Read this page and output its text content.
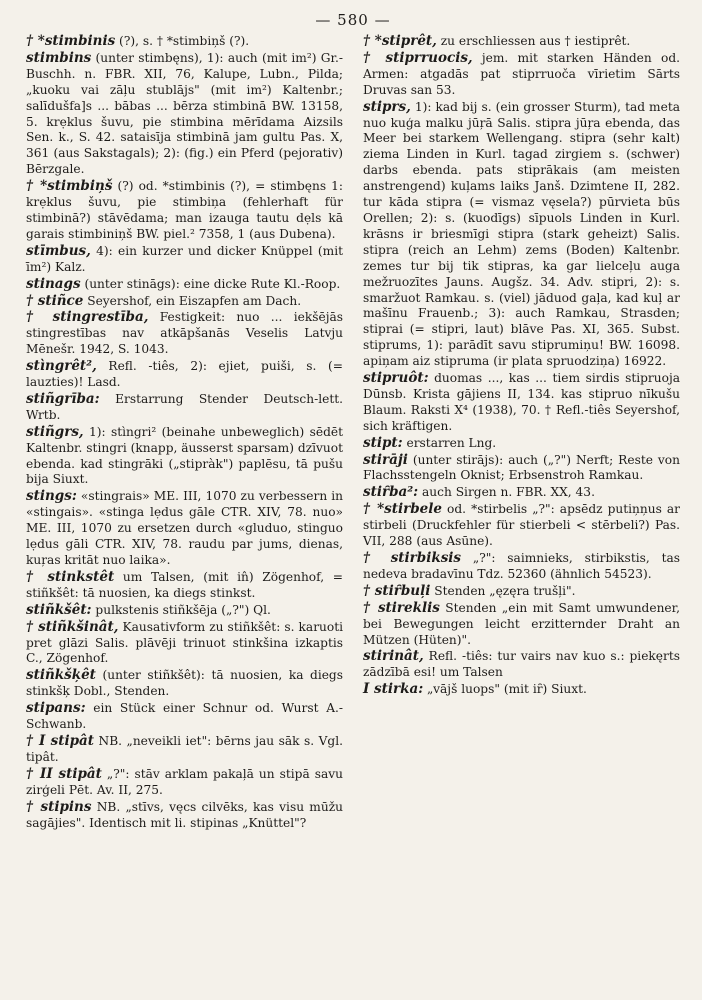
— 580 —

† *stimbinis (?), s. † *stimbiņš (?).

stimbins (unter stimbęns), 1): auch (mit im²) Gr.-Buschh. n. FBR. XII, 76, Kalupe, Lubn., Pilda; „kuoku vai zāļu stublājs" (mit im²) Kaltenbr.; salīdušfa]s ... bābas ... bērza stimbinā BW. 13158, 5. krẹklus šuvu, pie stimbina mērīdama Aizsils Sen. k., S. 42. sataisīja stimbinā jam gultu Pas. X, 361 (aus Sakstagals); 2): (fig.) ein Pferd (pejorativ) Bērzgale.

† *stimbiņš (?) od. *stimbinis (?), = stimbęns 1: krẹklus šuvu, pie stimbiņa (fehlerhaft für stimbinā?) stāvēdama; man izauga tautu dẹls kā garais stimbiniņš BW. piel.² 7358, 1 (aus Dubena).

stīmbus, 4): ein kurzer und dicker Knüppel (mit īm²) Kalz.

stinags (unter stināgs): eine dicke Rute Kl.-Roop.

† stiñce Seyershof, ein Eiszapfen am Dach.

† stingrestība, Festigkeit: nuo ... iekšējās stingrestības nav atkāpšanās Veselis Latvju Mēnešr. 1942, S. 1043.

stìngrêt², Refl. -tiês, 2): ejiet, puiši, s. (= lauzties)! Lasd.

stiñgrība: Erstarrung Stender Deutsch-lett. Wrtb.

stiñgrs, 1): stìngri² (beinahe unbeweglich) sēdēt Kaltenbr. stingri (knapp, äusserst sparsam) dzīvuot ebenda. kad stingrāki („stipràk") paplēsu, tā pušu bija Siuxt.

stings: «stingrais» ME. III, 1070 zu verbessern in «stingais». «stinga lẹdus gāle CTR. XIV, 78. nuo» ME. III, 1070 zu ersetzen durch «gluduo, stinguo lẹdus gāli CTR. XIV, 78. raudu par jums, dienas, kuŗas kritāt nuo laika».

† stinkstêt um Talsen, (mit in̂) Zögenhof, = stiñkšêt: tā nuosien, ka diegs stinkst.

stiñkšêt: pulkstenis stiñkšēja („?") Ql.

† stiñkšinât, Kausativform zu stiñkšêt: s. karuoti pret glāzi Salis. plāvēji trinuot stinkšina izkaptis C., Zögenhof.

stiñkšķêt (unter stiñkšêt): tā nuosien, ka diegs stinkšķ Dobl., Stenden.

stipans: ein Stück einer Schnur od. Wurst A.-Schwanb.

† I stipât NB. „neveikli iet": bērns jau sāk s. Vgl. tipât.

† II stipât „?": stāv arklam pakaļā un stipā savu zirģeli Pēt. Av. II, 275.

† stipins NB. „stīvs, vęcs cilvēks, kas visu mūžu sagājies". Identisch mit li. stipinas „Knüttel"?

† *stiprêt, zu erschliessen aus † iestiprêt.

† stiprruocis, jem. mit starken Händen od. Armen: atgadās pat stiprruoča vīrietim Sārts Druvas san 53.

stiprs, 1): kad bij s. (ein grosser Sturm), tad meta nuo kuģa malku jūŗā Salis. stipra jūŗa ebenda, das Meer bei starkem Wellengang. stipra (sehr kalt) ziema Linden in Kurl. tagad zirgiem s. (schwer) darbs ebenda. pats stiprākais (am meisten anstrengend) kuļams laiks Janš. Dzimtene II, 282. tur kāda stipra (= vismaz vęsela?) pūrvieta būs Orellen; 2): s. (kuodīgs) sīpuols Linden in Kurl. krāsns ir briesmīgi stipra (stark geheizt) Salis. stipra (reich an Lehm) zems (Boden) Kaltenbr. zemes tur bij tik stipras, ka gar lielceļu auga mežruozītes Jauns. Augšz. 34. Adv. stipri, 2): s. smaržuot Ramkau. s. (viel) jāduod gaļa, kad kuļ ar mašīnu Frauenb.; 3): auch Ramkau, Strasden; stiprai (= stipri, laut) blāve Pas. XI, 365. Subst. stiprums, 1): parādīt savu stiprumiņu! BW. 16098. apiņam aiz stipruma (ir plata spruodziņa) 16922.

stipruôt: duomas ..., kas ... tiem sirdis stipruoja Dūnsb. Krista gājiens II, 134. kas stipruo nīkušu Blaum. Raksti X⁴ (1938), 70. † Refl.-tiês Seyershof, sich kräftigen.

stipt: erstarren Lng.

stirāji (unter stirājs): auch („?") Nerft; Reste von Flachsstengeln Oknist; Erbsenstroh Ramkau.

stiȓba²: auch Sirgen n. FBR. XX, 43.

† *stirbele od. *stirbelis „?": apsēdz putiņņus ar stirbeli (Druckfehler für stierbeli < stērbeli?) Pas. VII, 288 (aus Asūne).

† stirbiksis „?": saimnieks, stirbikstis, tas nedeva bradavīnu Tdz. 52360 (ähnlich 54523).

† stiȓbuļi Stenden „ęzęra trušļi".

† stireklis Stenden „ein mit Samt umwundener, bei Bewegungen leicht erzitternder Draht an Mützen (Hüten)".

stirinât, Refl. -tiês: tur vairs nav kuo s.: piekęrts zādzībā esi! um Talsen

I stirka: „vājš luops" (mit iȓ) Siuxt.
